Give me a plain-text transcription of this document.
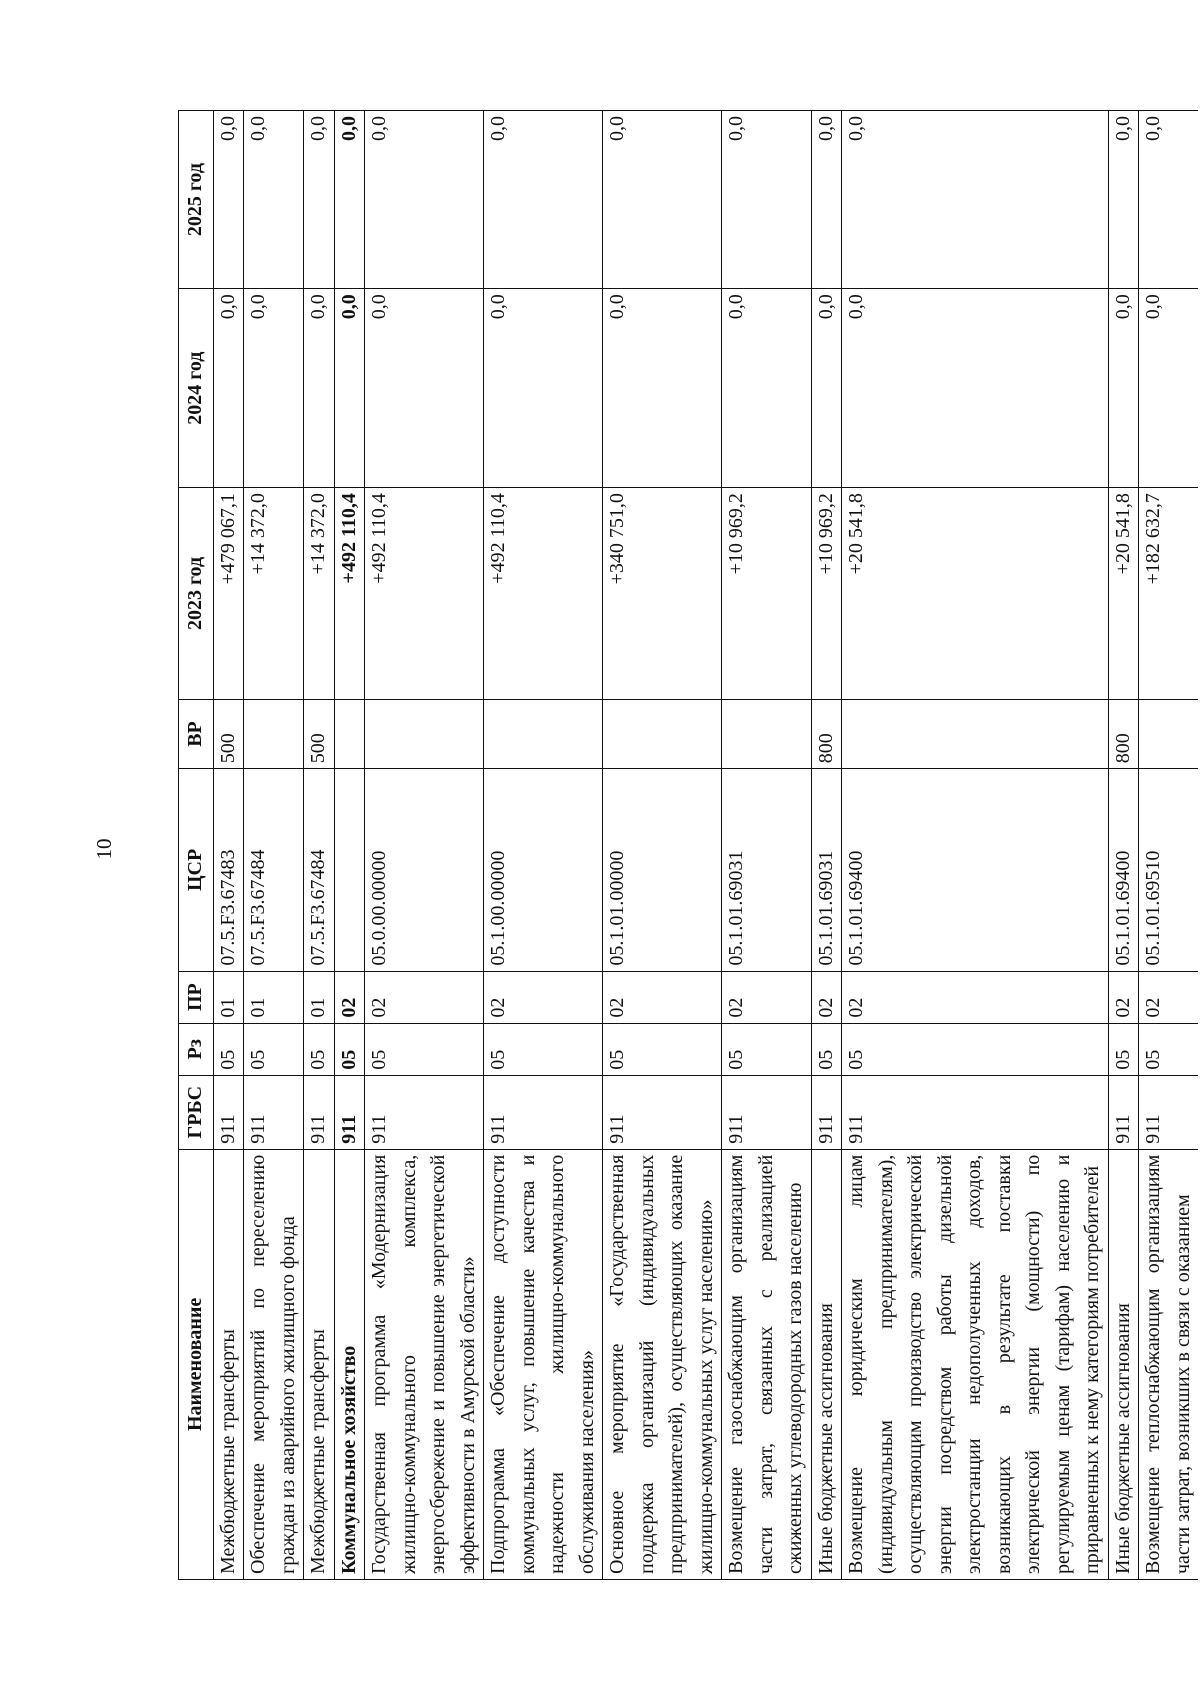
10
Наименование	ГРБС	Рз	ПР	ЦСР	ВР	2023 год	2024 год	2025 год
Межбюджетные трансферты	911	05	01	07.5.F3.67483	500	+479 067,1	0,0	0,0
Обеспечение мероприятий по переселению граждан из аварийного жилищного фонда	911	05	01	07.5.F3.67484		+14 372,0	0,0	0,0
Межбюджетные трансферты	911	05	01	07.5.F3.67484	500	+14 372,0	0,0	0,0
Коммунальное хозяйство	911	05	02			+492 110,4	0,0	0,0
Государственная программа «Модернизация жилищно-коммунального комплекса, энергосбережение и повышение энергетической эффективности в Амурской области»	911	05	02	05.0.00.00000		+492 110,4	0,0	0,0
Подпрограмма «Обеспечение доступности коммунальных услуг, повышение качества и надежности жилищно-коммунального обслуживания населения»	911	05	02	05.1.00.00000		+492 110,4	0,0	0,0
Основное мероприятие «Государственная поддержка организаций (индивидуальных предпринимателей), осуществляющих оказание жилищно-коммунальных услуг населению»	911	05	02	05.1.01.00000		+340 751,0	0,0	0,0
Возмещение газоснабжающим организациям части затрат, связанных с реализацией сжиженных углеводородных газов населению	911	05	02	05.1.01.69031		+10 969,2	0,0	0,0
Иные бюджетные ассигнования	911	05	02	05.1.01.69031	800	+10 969,2	0,0	0,0
Возмещение юридическим лицам (индивидуальным предпринимателям), осуществляющим производство электрической энергии посредством работы дизельной электростанции недополученных доходов, возникающих в результате поставки электрической энергии (мощности) по регулируемым ценам (тарифам) населению и приравненных к нему категориям потребителей	911	05	02	05.1.01.69400		+20 541,8	0,0	0,0
Иные бюджетные ассигнования	911	05	02	05.1.01.69400	800	+20 541,8	0,0	0,0
Возмещение теплоснабжающим организациям части затрат, возникших в связи с оказанием	911	05	02	05.1.01.69510		+182 632,7	0,0	0,0
